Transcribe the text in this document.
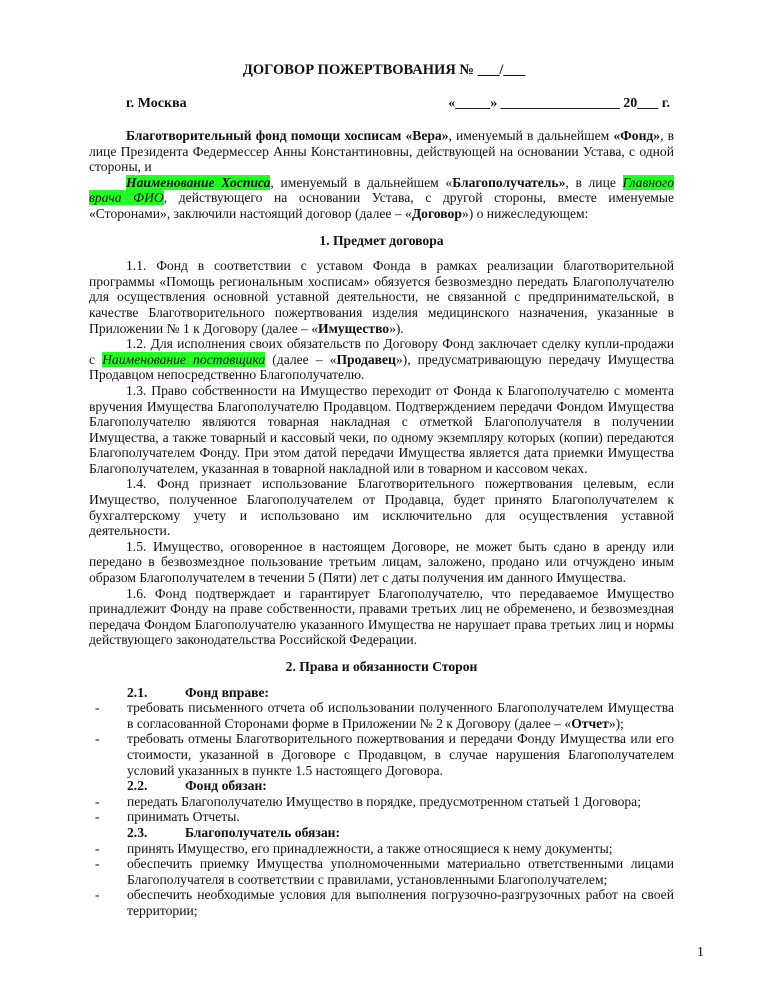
ДОГОВОР ПОЖЕРТВОВАНИЯ № ___/___
г. Москва	«_____» _________________ 20___ г.

Благотворительный фонд помощи хосписам «Вера», именуемый в дальнейшем «Фонд», в лице Президента Федермессер Анны Константиновны, действующей на основании Устава, с одной стороны, и

Наименование Хосписа, именуемый в дальнейшем «Благополучатель», в лице Главного врача ФИО, действующего на основании Устава, с другой стороны, вместе именуемые «Сторонами», заключили настоящий договор (далее – «Договор») о нижеследующем:

1. Предмет договора

1.1. Фонд в соответствии с уставом Фонда в рамках реализации благотворительной программы «Помощь региональным хосписам» обязуется безвозмездно передать Благополучателю для осуществления основной уставной деятельности, не связанной с предпринимательской, в качестве Благотворительного пожертвования изделия медицинского назначения, указанные в Приложении № 1 к Договору (далее – «Имущество»).

1.2. Для исполнения своих обязательств по Договору Фонд заключает сделку купли-продажи с Наименование поставщика (далее – «Продавец»), предусматривающую передачу Имущества Продавцом непосредственно Благополучателю.

1.3. Право собственности на Имущество переходит от Фонда к Благополучателю с момента вручения Имущества Благополучателю Продавцом. Подтверждением передачи Фондом Имущества Благополучателю являются товарная накладная с отметкой Благополучателя в получении Имущества, а также товарный и кассовый чеки, по одному экземпляру которых (копии) передаются Благополучателем Фонду. При этом датой передачи Имущества является дата приемки Имущества Благополучателем, указанная в товарной накладной или в товарном и кассовом чеках.

1.4. Фонд признает использование Благотворительного пожертвования целевым, если Имущество, полученное Благополучателем от Продавца, будет принято Благополучателем к бухгалтерскому учету и использовано им исключительно для осуществления уставной деятельности.

1.5. Имущество, оговоренное в настоящем Договоре, не может быть сдано в аренду или передано в безвозмездное пользование третьим лицам, заложено, продано или отчуждено иным образом Благополучателем в течении 5 (Пяти) лет с даты получения им данного Имущества.

1.6. Фонд подтверждает и гарантирует Благополучателю, что передаваемое Имущество принадлежит Фонду на праве собственности, правами третьих лиц не обременено, и безвозмездная передача Фондом Благополучателю указанного Имущества не нарушает права третьих лиц и нормы действующего законодательства Российской Федерации.

2. Права и обязанности Сторон

2.1.	Фонд вправе:

- требовать письменного отчета об использовании полученного Благополучателем Имущества в согласованной Сторонами форме в Приложении № 2 к Договору (далее – «Отчет»);

- требовать отмены Благотворительного пожертвования и передачи Фонду Имущества или его стоимости, указанной в Договоре с Продавцом, в случае нарушения Благополучателем условий указанных в пункте 1.5 настоящего Договора.

2.2.	Фонд обязан:

- передать Благополучателю Имущество в порядке, предусмотренном статьей 1 Договора;

- принимать Отчеты.

2.3.	Благополучатель обязан:

- принять Имущество, его принадлежности, а также относящиеся к нему документы;

- обеспечить приемку Имущества уполномоченными материально ответственными лицами Благополучателя в соответствии с правилами, установленными Благополучателем;

- обеспечить необходимые условия для выполнения погрузочно-разгрузочных работ на своей территории;

1
